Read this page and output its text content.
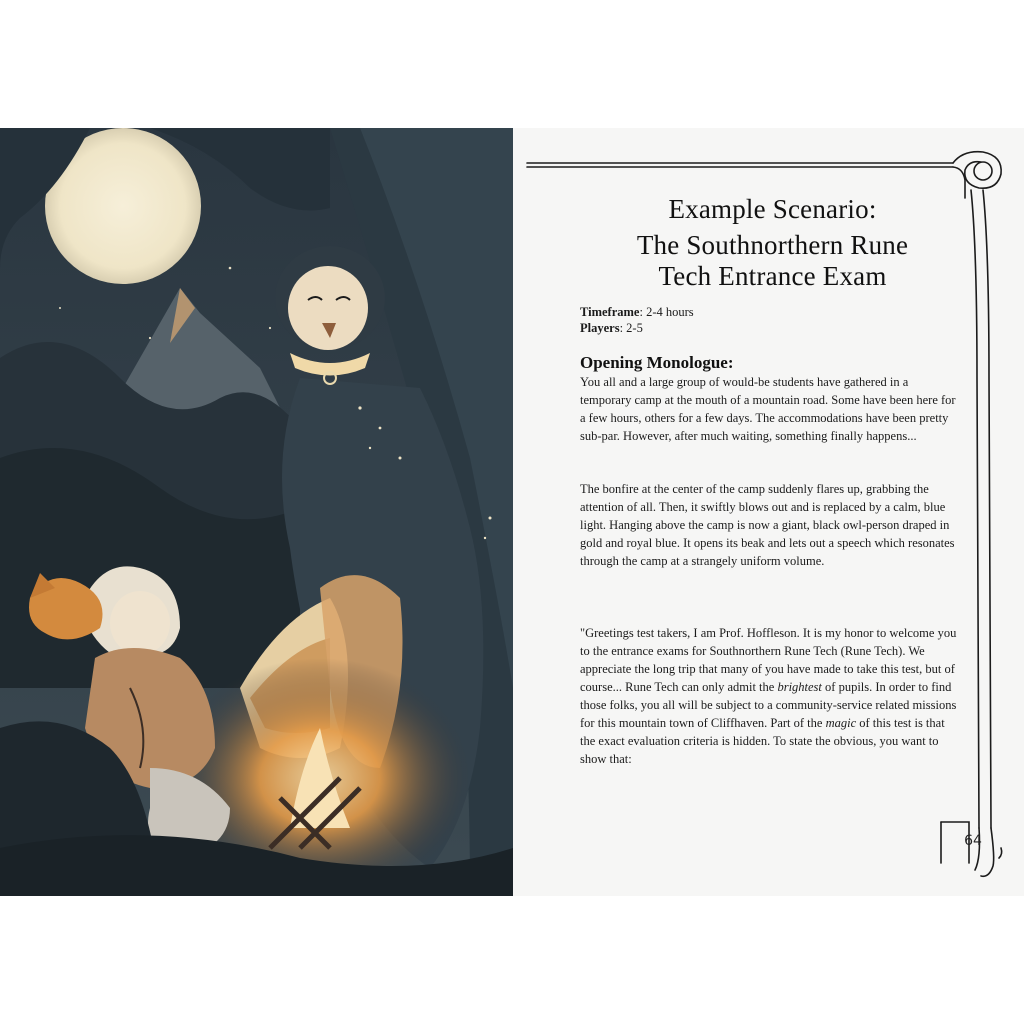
Example Scenario:
The Southnorthern Rune
Tech Entrance Exam
Timeframe: 2-4 hours
Players: 2-5
Opening Monologue:

You all and a large group of would-be students have gathered in a temporary camp at the mouth of a mountain road. Some have been here for a few hours, others for a few days. The accommodations have been pretty sub-par. However, after much waiting, something finally happens...

The bonfire at the center of the camp suddenly flares up, grabbing the attention of all. Then, it swiftly blows out and is replaced by a calm, blue light. Hanging above the camp is now a giant, black owl-person draped in gold and royal blue. It opens its beak and lets out a speech which resonates through the camp at a strangely uniform volume.

"Greetings test takers, I am Prof. Hoffleson. It is my honor to welcome you to the entrance exams for Southnorthern Rune Tech (Rune Tech). We appreciate the long trip that many of you have made to take this test, but of course... Rune Tech can only admit the brightest of pupils. In order to find those folks, you all will be subject to a community-service related missions for this mountain town of Cliffhaven. Part of the magic of this test is that the exact evaluation criteria is hidden. To state the obvious, you want to show that:

64
